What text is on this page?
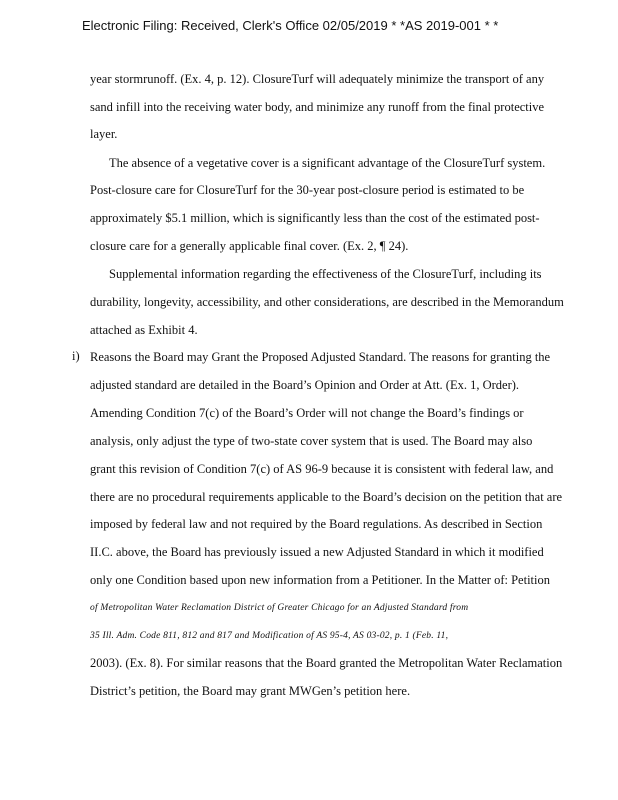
Electronic Filing: Received, Clerk's Office 02/05/2019 * *AS 2019-001 * *
i)
year stormrunoff. (Ex. 4, p. 12). ClosureTurf will adequately minimize the transport of any
sand infill into the receiving water body, and minimize any runoff from the final protective
layer.
The absence of a vegetative cover is a significant advantage of the ClosureTurf system.
Post-closure care for ClosureTurf for the 30-year post-closure period is estimated to be
approximately $5.1 million, which is significantly less than the cost of the estimated post-
closure care for a generally applicable final cover. (Ex. 2, ¶ 24).
Supplemental information regarding the effectiveness of the ClosureTurf, including its
durability, longevity, accessibility, and other considerations, are described in the Memorandum
attached as Exhibit 4.
Reasons the Board may Grant the Proposed Adjusted Standard. The reasons for granting the
adjusted standard are detailed in the Board’s Opinion and Order at Att. (Ex. 1, Order).
Amending Condition 7(c) of the Board’s Order will not change the Board’s findings or
analysis, only adjust the type of two-state cover system that is used. The Board may also
grant this revision of Condition 7(c) of AS 96-9 because it is consistent with federal law, and
there are no procedural requirements applicable to the Board’s decision on the petition that are
imposed by federal law and not required by the Board regulations. As described in Section
II.C. above, the Board has previously issued a new Adjusted Standard in which it modified
only one Condition based upon new information from a Petitioner. In the Matter of: Petition
of Metropolitan Water Reclamation District of Greater Chicago for an Adjusted Standard from
35 Ill. Adm. Code 811, 812 and 817 and Modification of AS 95-4, AS 03-02, p. 1 (Feb. 11,
2003). (Ex. 8). For similar reasons that the Board granted the Metropolitan Water Reclamation
District’s petition, the Board may grant MWGen’s petition here.
